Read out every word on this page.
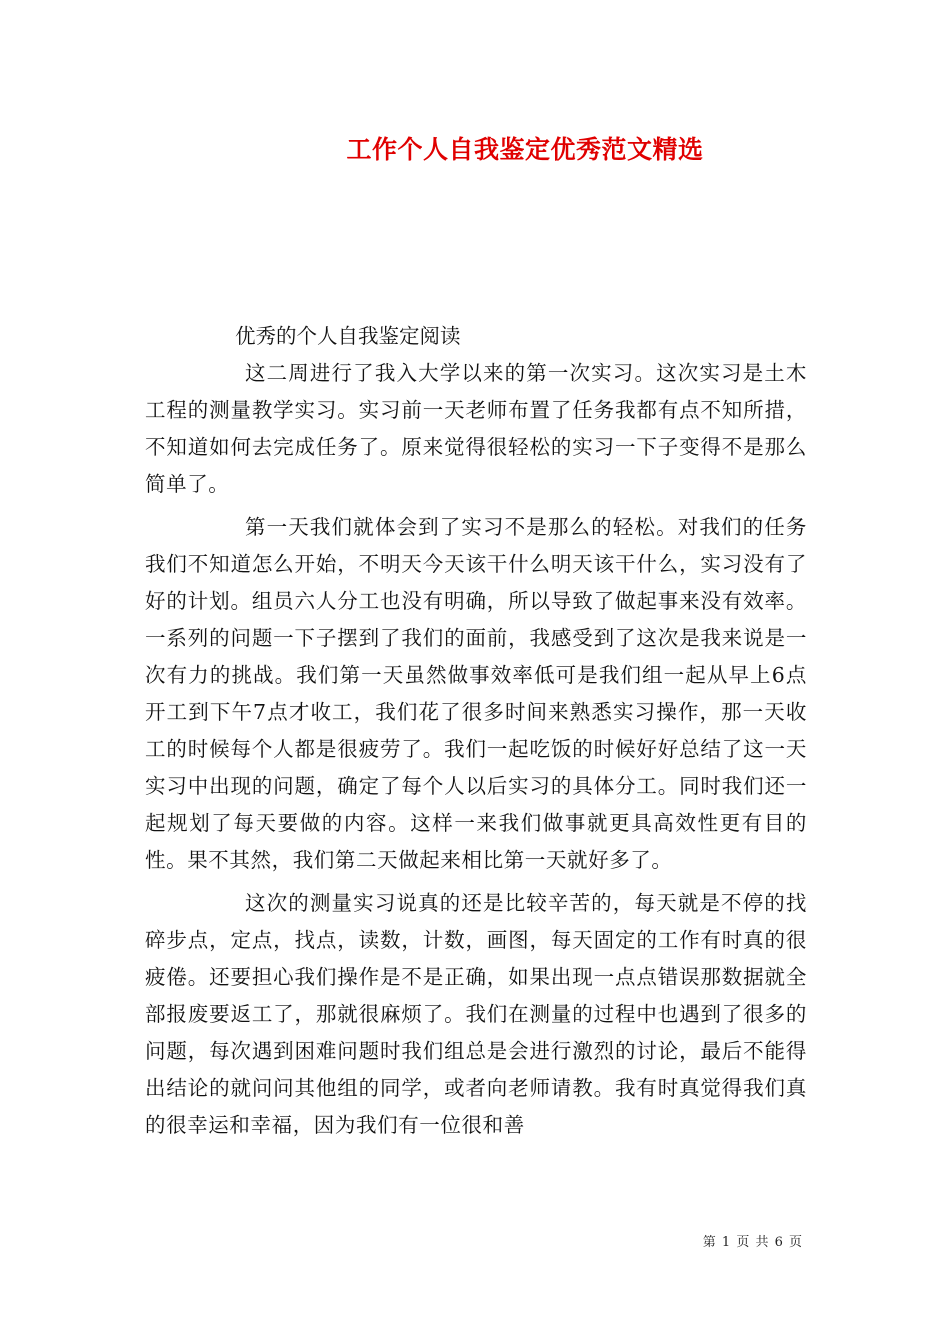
工作个人自我鉴定优秀范文精选

优秀的个人自我鉴定阅读

这二周进行了我入大学以来的第一次实习。这次实习是土木工程的测量教学实习。实习前一天老师布置了任务我都有点不知所措，不知道如何去完成任务了。原来觉得很轻松的实习一下子变得不是那么简单了。

第一天我们就体会到了实习不是那么的轻松。对我们的任务我们不知道怎么开始，不明天今天该干什么明天该干什么，实习没有了好的计划。组员六人分工也没有明确，所以导致了做起事来没有效率。一系列的问题一下子摆到了我们的面前，我感受到了这次是我来说是一次有力的挑战。我们第一天虽然做事效率低可是我们组一起从早上6点开工到下午7点才收工，我们花了很多时间来熟悉实习操作，那一天收工的时候每个人都是很疲劳了。我们一起吃饭的时候好好总结了这一天实习中出现的问题，确定了每个人以后实习的具体分工。同时我们还一起规划了每天要做的内容。这样一来我们做事就更具高效性更有目的性。果不其然，我们第二天做起来相比第一天就好多了。

这次的测量实习说真的还是比较辛苦的，每天就是不停的找碎步点，定点，找点，读数，计数，画图，每天固定的工作有时真的很疲倦。还要担心我们操作是不是正确，如果出现一点点错误那数据就全部报废要返工了，那就很麻烦了。我们在测量的过程中也遇到了很多的问题，每次遇到困难问题时我们组总是会进行激烈的讨论，最后不能得出结论的就问问其他组的同学，或者向老师请教。我有时真觉得我们真的很幸运和幸福，因为我们有一位很和善

第 1 页 共 6 页
